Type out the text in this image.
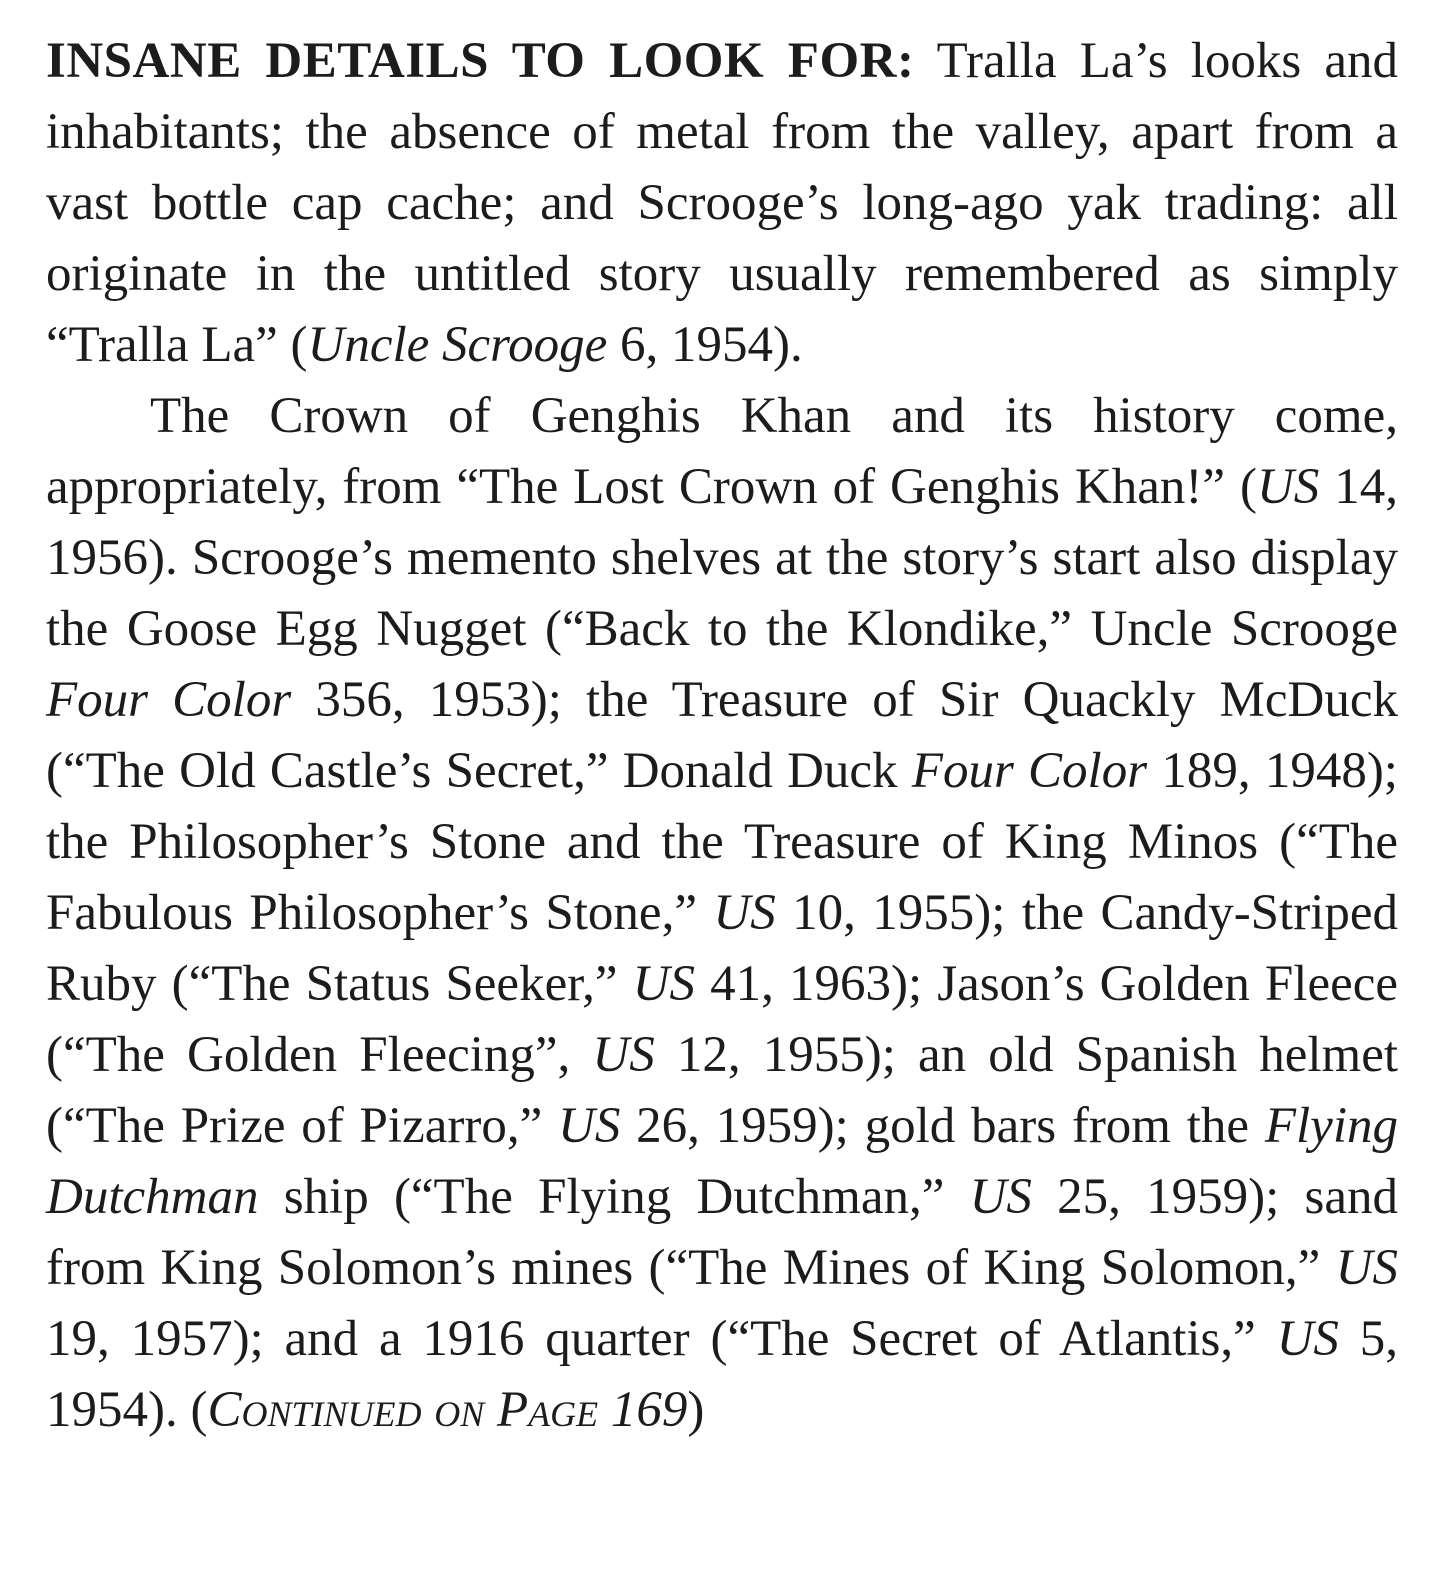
INSANE DETAILS TO LOOK FOR: Tralla La’s looks and inhabitants; the absence of metal from the valley, apart from a vast bottle cap cache; and Scrooge’s long-ago yak trading: all originate in the untitled story usually remembered as simply “Tralla La” (Uncle Scrooge 6, 1954).

The Crown of Genghis Khan and its history come, appropriately, from “The Lost Crown of Genghis Khan!” (US 14, 1956). Scrooge’s memento shelves at the story’s start also display the Goose Egg Nugget (“Back to the Klondike,” Uncle Scrooge Four Color 356, 1953); the Treasure of Sir Quackly McDuck (“The Old Castle’s Secret,” Donald Duck Four Color 189, 1948); the Philosopher’s Stone and the Treasure of King Minos (“The Fabulous Philosopher’s Stone,” US 10, 1955); the Candy-Striped Ruby (“The Status Seeker,” US 41, 1963); Jason’s Golden Fleece (“The Golden Fleecing”, US 12, 1955); an old Spanish helmet (“The Prize of Pizarro,” US 26, 1959); gold bars from the Flying Dutchman ship (“The Flying Dutchman,” US 25, 1959); sand from King Solomon’s mines (“The Mines of King Solomon,” US 19, 1957); and a 1916 quarter (“The Secret of Atlantis,” US 5, 1954). (Continued on Page 169)
